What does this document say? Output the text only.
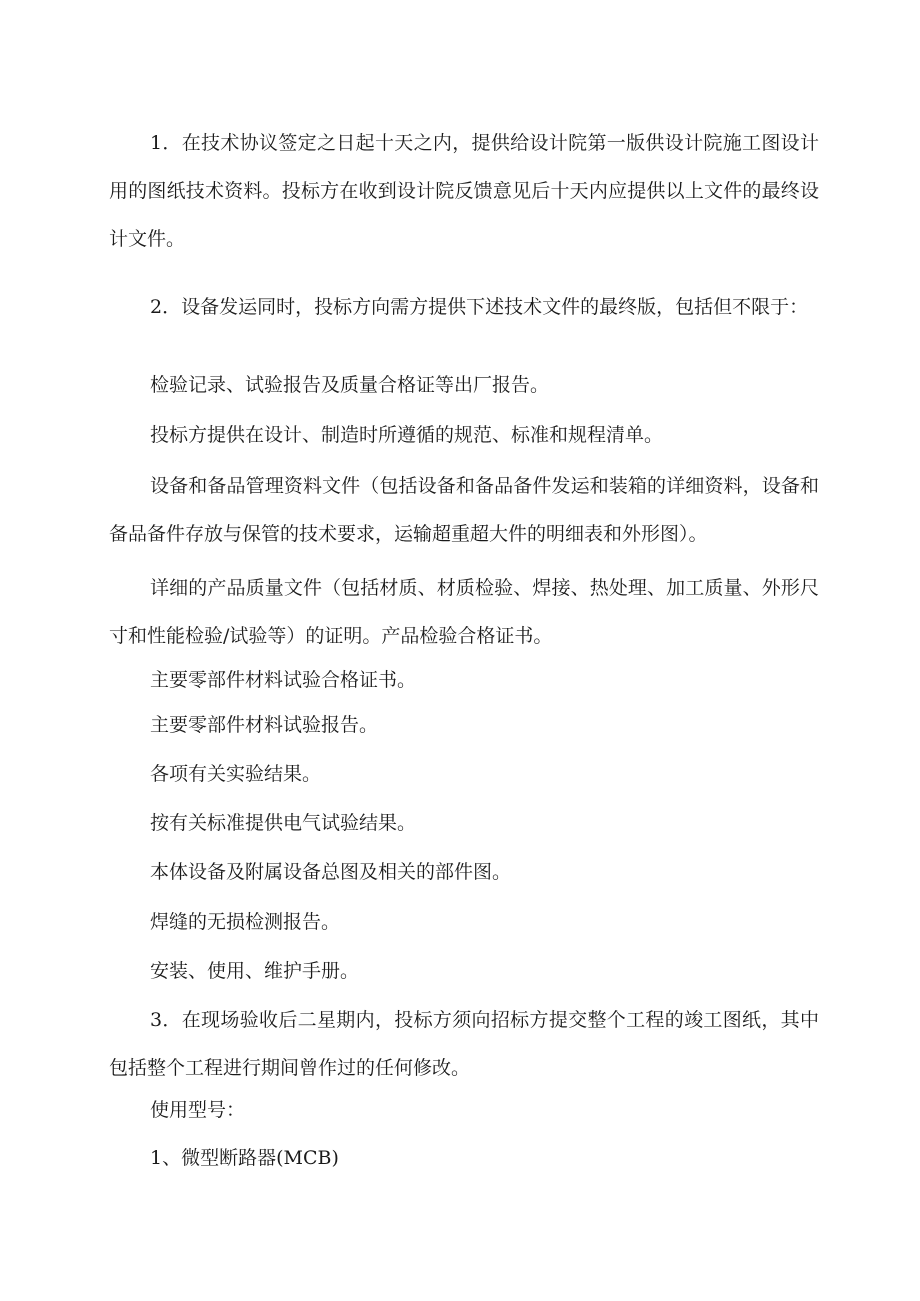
1．在技术协议签定之日起十天之内，提供给设计院第一版供设计院施工图设计用的图纸技术资料。投标方在收到设计院反馈意见后十天内应提供以上文件的最终设计文件。

2．设备发运同时，投标方向需方提供下述技术文件的最终版，包括但不限于：

检验记录、试验报告及质量合格证等出厂报告。

投标方提供在设计、制造时所遵循的规范、标准和规程清单。

设备和备品管理资料文件（包括设备和备品备件发运和装箱的详细资料，设备和备品备件存放与保管的技术要求，运输超重超大件的明细表和外形图）。

详细的产品质量文件（包括材质、材质检验、焊接、热处理、加工质量、外形尺寸和性能检验/试验等）的证明。产品检验合格证书。

主要零部件材料试验合格证书。

主要零部件材料试验报告。

各项有关实验结果。

按有关标准提供电气试验结果。

本体设备及附属设备总图及相关的部件图。

焊缝的无损检测报告。

安装、使用、维护手册。

3．在现场验收后二星期内，投标方须向招标方提交整个工程的竣工图纸，其中包括整个工程进行期间曾作过的任何修改。

使用型号：

1、微型断路器(MCB)
